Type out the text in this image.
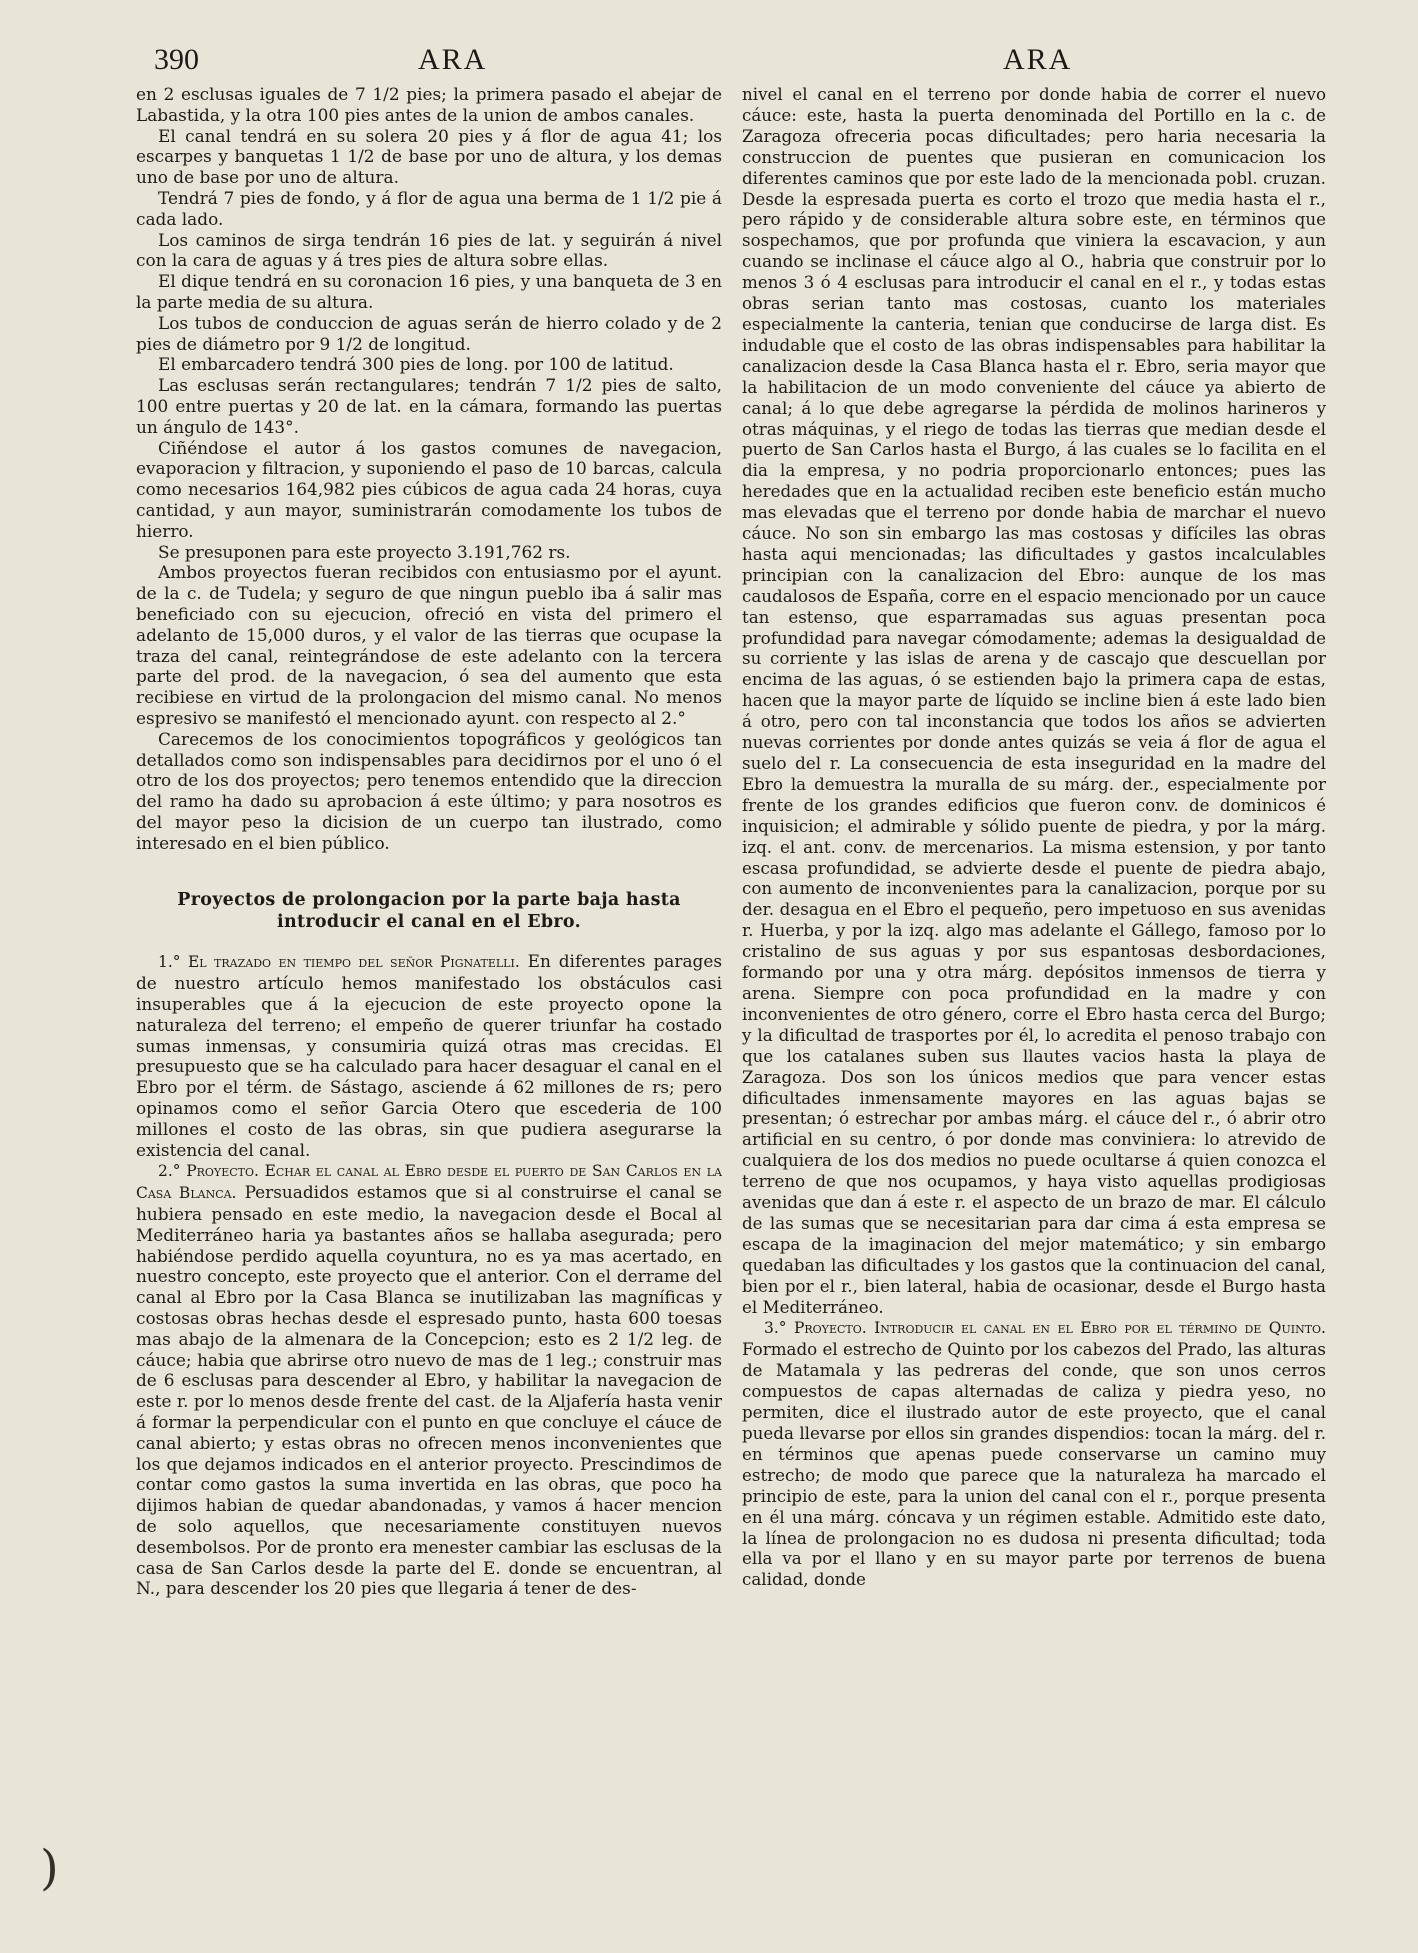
390	ARA	ARA

en 2 esclusas iguales de 7 1/2 pies; la primera pasado el abejar de Labastida, y la otra 100 pies antes de la union de ambos canales.

El canal tendrá en su solera 20 pies y á flor de agua 41; los escarpes y banquetas 1 1/2 de base por uno de altura, y los demas uno de base por uno de altura.

Tendrá 7 pies de fondo, y á flor de agua una berma de 1 1/2 pie á cada lado.

Los caminos de sirga tendrán 16 pies de lat. y seguirán á nivel con la cara de aguas y á tres pies de altura sobre ellas.

El dique tendrá en su coronacion 16 pies, y una banqueta de 3 en la parte media de su altura.

Los tubos de conduccion de aguas serán de hierro colado y de 2 pies de diámetro por 9 1/2 de longitud.

El embarcadero tendrá 300 pies de long. por 100 de latitud.

Las esclusas serán rectangulares; tendrán 7 1/2 pies de salto, 100 entre puertas y 20 de lat. en la cámara, formando las puertas un ángulo de 143°.

Ciñéndose el autor á los gastos comunes de navegacion, evaporacion y filtracion, y suponiendo el paso de 10 barcas, calcula como necesarios 164,982 pies cúbicos de agua cada 24 horas, cuya cantidad, y aun mayor, suministrarán comodamente los tubos de hierro.

Se presuponen para este proyecto 3.191,762 rs.

Ambos proyectos fueran recibidos con entusiasmo por el ayunt. de la c. de Tudela; y seguro de que ningun pueblo iba á salir mas beneficiado con su ejecucion, ofreció en vista del primero el adelanto de 15,000 duros, y el valor de las tierras que ocupase la traza del canal, reintegrándose de este adelanto con la tercera parte del prod. de la navegacion, ó sea del aumento que esta recibiese en virtud de la prolongacion del mismo canal. No menos espresivo se manifestó el mencionado ayunt. con respecto al 2.°

Carecemos de los conocimientos topográficos y geológicos tan detallados como son indispensables para decidirnos por el uno ó el otro de los dos proyectos; pero tenemos entendido que la direccion del ramo ha dado su aprobacion á este último; y para nosotros es del mayor peso la dicision de un cuerpo tan ilustrado, como interesado en el bien público.

Proyectos de prolongacion por la parte baja hasta introducir el canal en el Ebro.

1.° El trazado en tiempo del señor Pignatelli. En diferentes parages de nuestro artículo hemos manifestado los obstáculos casi insuperables que á la ejecucion de este proyecto opone la naturaleza del terreno; el empeño de querer triunfar ha costado sumas inmensas, y consumiria quizá otras mas crecidas. El presupuesto que se ha calculado para hacer desaguar el canal en el Ebro por el térm. de Sástago, asciende á 62 millones de rs; pero opinamos como el señor Garcia Otero que escederia de 100 millones el costo de las obras, sin que pudiera asegurarse la existencia del canal.

2.° Proyecto. Echar el canal al Ebro desde el puerto de San Carlos en la Casa Blanca. Persuadidos estamos que si al construirse el canal se hubiera pensado en este medio, la navegacion desde el Bocal al Mediterráneo haria ya bastantes años se hallaba asegurada; pero habiéndose perdido aquella coyuntura, no es ya mas acertado, en nuestro concepto, este proyecto que el anterior. Con el derrame del canal al Ebro por la Casa Blanca se inutilizaban las magníficas y costosas obras hechas desde el espresado punto, hasta 600 toesas mas abajo de la almenara de la Concepcion; esto es 2 1/2 leg. de cáuce; habia que abrirse otro nuevo de mas de 1 leg.; construir mas de 6 esclusas para descender al Ebro, y habilitar la navegacion de este r. por lo menos desde frente del cast. de la Aljafería hasta venir á formar la perpendicular con el punto en que concluye el cáuce de canal abierto; y estas obras no ofrecen menos inconvenientes que los que dejamos indicados en el anterior proyecto. Prescindimos de contar como gastos la suma invertida en las obras, que poco ha dijimos habian de quedar abandonadas, y vamos á hacer mencion de solo aquellos, que necesariamente constituyen nuevos desembolsos. Por de pronto era menester cambiar las esclusas de la casa de San Carlos desde la parte del E. donde se encuentran, al N., para descender los 20 pies que llegaria á tener de des-

nivel el canal en el terreno por donde habia de correr el nuevo cáuce: este, hasta la puerta denominada del Portillo en la c. de Zaragoza ofreceria pocas dificultades; pero haria necesaria la construccion de puentes que pusieran en comunicacion los diferentes caminos que por este lado de la mencionada pobl. cruzan. Desde la espresada puerta es corto el trozo que media hasta el r., pero rápido y de considerable altura sobre este, en términos que sospechamos, que por profunda que viniera la escavacion, y aun cuando se inclinase el cáuce algo al O., habria que construir por lo menos 3 ó 4 esclusas para introducir el canal en el r., y todas estas obras serian tanto mas costosas, cuanto los materiales especialmente la canteria, tenian que conducirse de larga dist. Es indudable que el costo de las obras indispensables para habilitar la canalizacion desde la Casa Blanca hasta el r. Ebro, seria mayor que la habilitacion de un modo conveniente del cáuce ya abierto de canal; á lo que debe agregarse la pérdida de molinos harineros y otras máquinas, y el riego de todas las tierras que median desde el puerto de San Carlos hasta el Burgo, á las cuales se lo facilita en el dia la empresa, y no podria proporcionarlo entonces; pues las heredades que en la actualidad reciben este beneficio están mucho mas elevadas que el terreno por donde habia de marchar el nuevo cáuce. No son sin embargo las mas costosas y difíciles las obras hasta aqui mencionadas; las dificultades y gastos incalculables principian con la canalizacion del Ebro: aunque de los mas caudalosos de España, corre en el espacio mencionado por un cauce tan estenso, que esparramadas sus aguas presentan poca profundidad para navegar cómodamente; ademas la desigualdad de su corriente y las islas de arena y de cascajo que descuellan por encima de las aguas, ó se estienden bajo la primera capa de estas, hacen que la mayor parte de líquido se incline bien á este lado bien á otro, pero con tal inconstancia que todos los años se advierten nuevas corrientes por donde antes quizás se veia á flor de agua el suelo del r. La consecuencia de esta inseguridad en la madre del Ebro la demuestra la muralla de su márg. der., especialmente por frente de los grandes edificios que fueron conv. de dominicos é inquisicion; el admirable y sólido puente de piedra, y por la márg. izq. el ant. conv. de mercenarios. La misma estension, y por tanto escasa profundidad, se advierte desde el puente de piedra abajo, con aumento de inconvenientes para la canalizacion, porque por su der. desagua en el Ebro el pequeño, pero impetuoso en sus avenidas r. Huerba, y por la izq. algo mas adelante el Gállego, famoso por lo cristalino de sus aguas y por sus espantosas desbordaciones, formando por una y otra márg. depósitos inmensos de tierra y arena. Siempre con poca profundidad en la madre y con inconvenientes de otro género, corre el Ebro hasta cerca del Burgo; y la dificultad de trasportes por él, lo acredita el penoso trabajo con que los catalanes suben sus llautes vacios hasta la playa de Zaragoza. Dos son los únicos medios que para vencer estas dificultades inmensamente mayores en las aguas bajas se presentan; ó estrechar por ambas márg. el cáuce del r., ó abrir otro artificial en su centro, ó por donde mas conviniera: lo atrevido de cualquiera de los dos medios no puede ocultarse á quien conozca el terreno de que nos ocupamos, y haya visto aquellas prodigiosas avenidas que dan á este r. el aspecto de un brazo de mar. El cálculo de las sumas que se necesitarian para dar cima á esta empresa se escapa de la imaginacion del mejor matemático; y sin embargo quedaban las dificultades y los gastos que la continuacion del canal, bien por el r., bien lateral, habia de ocasionar, desde el Burgo hasta el Mediterráneo.

3.° Proyecto. Introducir el canal en el Ebro por el término de Quinto. Formado el estrecho de Quinto por los cabezos del Prado, las alturas de Matamala y las pedreras del conde, que son unos cerros compuestos de capas alternadas de caliza y piedra yeso, no permiten, dice el ilustrado autor de este proyecto, que el canal pueda llevarse por ellos sin grandes dispendios: tocan la márg. del r. en términos que apenas puede conservarse un camino muy estrecho; de modo que parece que la naturaleza ha marcado el principio de este, para la union del canal con el r., porque presenta en él una márg. cóncava y un régimen estable. Admitido este dato, la línea de prolongacion no es dudosa ni presenta dificultad; toda ella va por el llano y en su mayor parte por terrenos de buena calidad, donde

)
